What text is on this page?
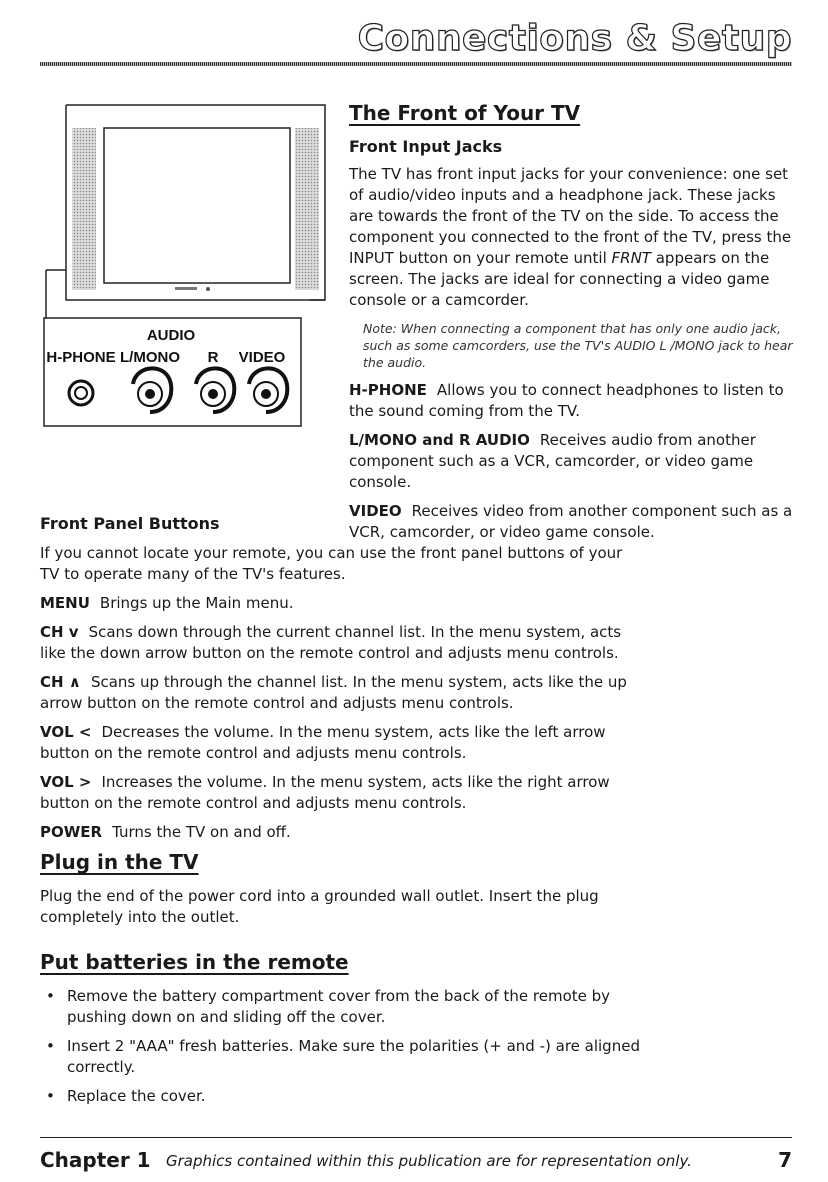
Connections & Setup
AUDIO
H-PHONE L/MONO R VIDEO
The Front of Your TV
Front Input Jacks

The TV has front input jacks for your convenience: one set of audio/video inputs and a headphone jack. These jacks are towards the front of the TV on the side. To access the component you connected to the front of the TV, press the INPUT button on your remote until FRNT appears on the screen. The jacks are ideal for connecting a video game console or a camcorder.

Note: When connecting a component that has only one audio jack, such as some camcorders, use the TV's AUDIO L /MONO jack to hear the audio.

H-PHONE Allows you to connect headphones to listen to the sound coming from the TV.

L/MONO and R AUDIO Receives audio from another component such as a VCR, camcorder, or video game console.

VIDEO Receives video from another component such as a VCR, camcorder, or video game console.

Front Panel Buttons

If you cannot locate your remote, you can use the front panel buttons of your TV to operate many of the TV's features.

MENU Brings up the Main menu.

CH v Scans down through the current channel list. In the menu system, acts like the down arrow button on the remote control and adjusts menu controls.

CH ∧ Scans up through the channel list. In the menu system, acts like the up arrow button on the remote control and adjusts menu controls.

VOL < Decreases the volume. In the menu system, acts like the left arrow button on the remote control and adjusts menu controls.

VOL > Increases the volume. In the menu system, acts like the right arrow button on the remote control and adjusts menu controls.

POWER Turns the TV on and off.

Plug in the TV

Plug the end of the power cord into a grounded wall outlet. Insert the plug completely into the outlet.

Put batteries in the remote
• Remove the battery compartment cover from the back of the remote by pushing down on and sliding off the cover.
• Insert 2 "AAA" fresh batteries. Make sure the polarities (+ and -) are aligned correctly.
• Replace the cover.
Chapter 1 Graphics contained within this publication are for representation only.	7
